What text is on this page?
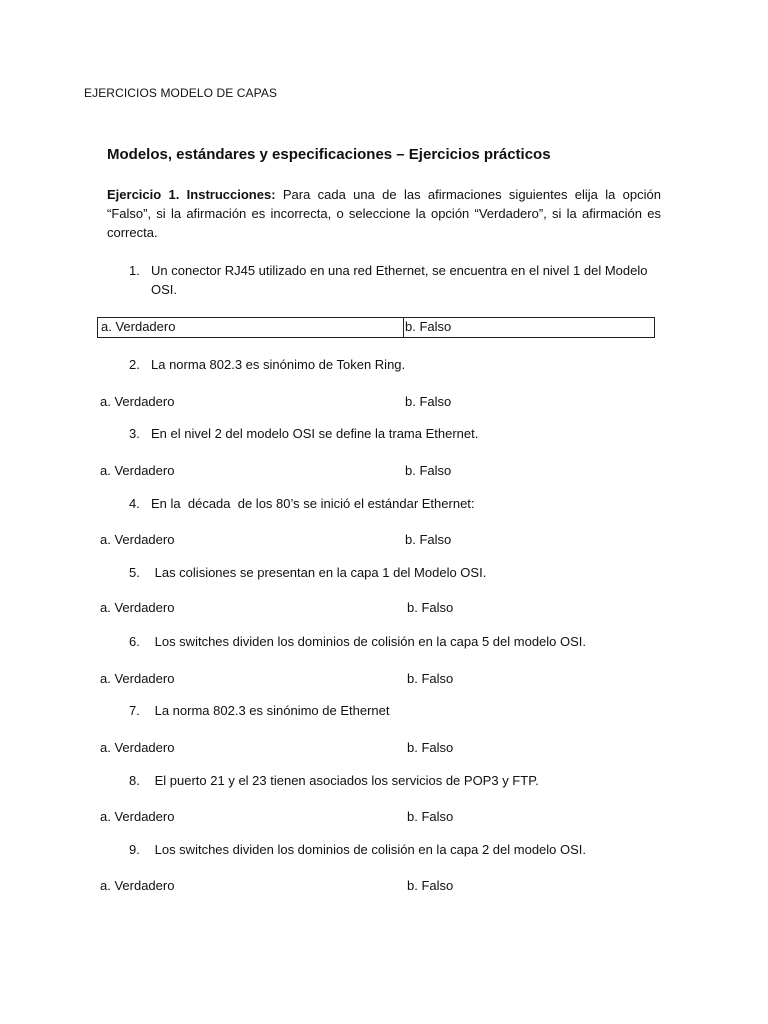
EJERCICIOS MODELO DE CAPAS
Modelos, estándares y especificaciones – Ejercicios prácticos
Ejercicio 1. Instrucciones: Para cada una de las afirmaciones siguientes elija la opción “Falso”, si la afirmación es incorrecta, o seleccione la opción “Verdadero”, si la afirmación es correcta.
1. Un conector RJ45 utilizado en una red Ethernet, se encuentra en el nivel 1 del Modelo OSI.
a. Verdadero	b. Falso
2. La norma 802.3 es sinónimo de Token Ring.
a. Verdadero	b. Falso
3. En el nivel 2 del modelo OSI se define la trama Ethernet.
a. Verdadero	b. Falso
4. En la  década  de los 80’s se inició el estándar Ethernet:
a. Verdadero	b. Falso
5. Las colisiones se presentan en la capa 1 del Modelo OSI.
a. Verdadero	b. Falso
6. Los switches dividen los dominios de colisión en la capa 5 del modelo OSI.
a. Verdadero	b. Falso
7. La norma 802.3 es sinónimo de Ethernet
a. Verdadero	b. Falso
8. El puerto 21 y el 23 tienen asociados los servicios de POP3 y FTP.
a. Verdadero	b. Falso
9. Los switches dividen los dominios de colisión en la capa 2 del modelo OSI.
a. Verdadero	b. Falso
